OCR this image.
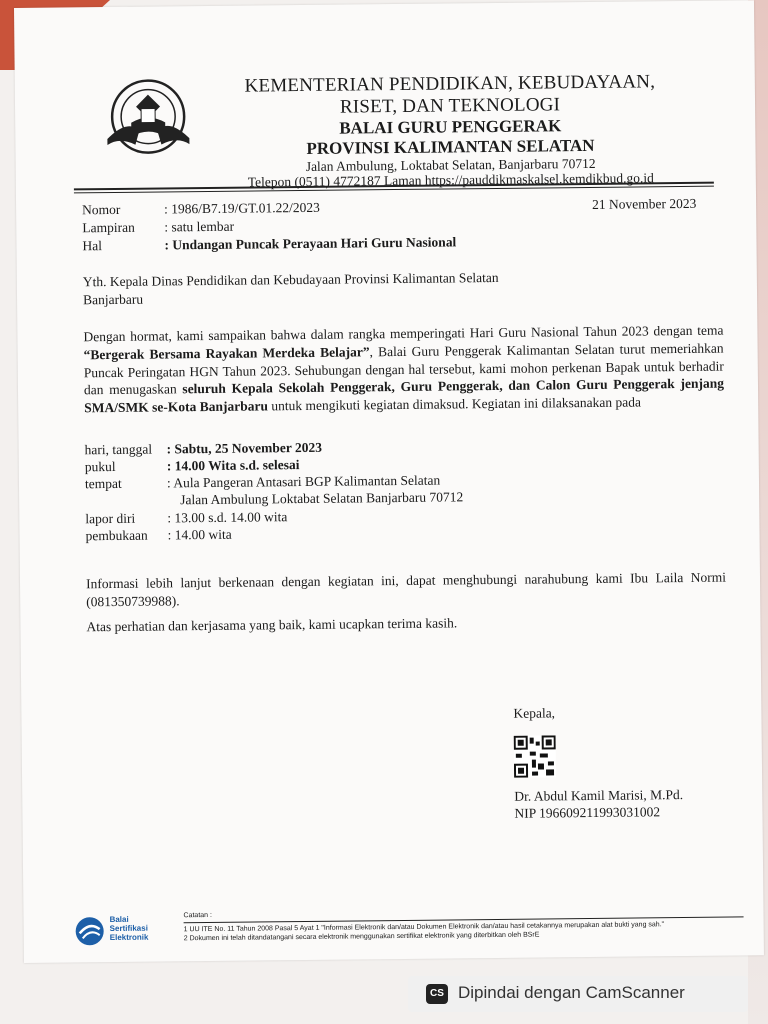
KEMENTERIAN PENDIDIKAN, KEBUDAYAAN,
RISET, DAN TEKNOLOGI
BALAI GURU PENGGERAK
PROVINSI KALIMANTAN SELATAN
Jalan Ambulung, Loktabat Selatan, Banjarbaru 70712
Telepon (0511) 4772187 Laman https://pauddikmaskalsel.kemdikbud.go.id
Nomor	: 1986/B7.19/GT.01.22/2023	21 November 2023
Lampiran : satu lembar
Hal	: Undangan Puncak Perayaan Hari Guru Nasional
Yth. Kepala Dinas Pendidikan dan Kebudayaan Provinsi Kalimantan Selatan
Banjarbaru
Dengan hormat, kami sampaikan bahwa dalam rangka memperingati Hari Guru Nasional Tahun 2023 dengan tema “Bergerak Bersama Rayakan Merdeka Belajar”, Balai Guru Penggerak Kalimantan Selatan turut memeriahkan Puncak Peringatan HGN Tahun 2023. Sehubungan dengan hal tersebut, kami mohon perkenan Bapak untuk berhadir dan menugaskan seluruh Kepala Sekolah Penggerak, Guru Penggerak, dan Calon Guru Penggerak jenjang SMA/SMK se-Kota Banjarbaru untuk mengikuti kegiatan dimaksud. Kegiatan ini dilaksanakan pada
hari, tanggal : Sabtu, 25 November 2023
pukul	: 14.00 Wita s.d. selesai
tempat	: Aula Pangeran Antasari BGP Kalimantan Selatan
Jalan Ambulung Loktabat Selatan Banjarbaru 70712
lapor diri : 13.00 s.d. 14.00 wita
pembukaan : 14.00 wita
Informasi lebih lanjut berkenaan dengan kegiatan ini, dapat menghubungi narahubung kami Ibu Laila Normi (081350739988).
Atas perhatian dan kerjasama yang baik, kami ucapkan terima kasih.
Kepala,
Dr. Abdul Kamil Marisi, M.Pd.
NIP 196609211993031002
Balai
Sertifikasi
Elektronik
Catatan :
1 UU ITE No. 11 Tahun 2008 Pasal 5 Ayat 1 "Informasi Elektronik dan/atau Dokumen Elektronik dan/atau hasil cetakannya merupakan alat bukti yang sah."
2 Dokumen ini telah ditandatangani secara elektronik menggunakan sertifikat elektronik yang diterbitkan oleh BSrE
CS Dipindai dengan CamScanner
